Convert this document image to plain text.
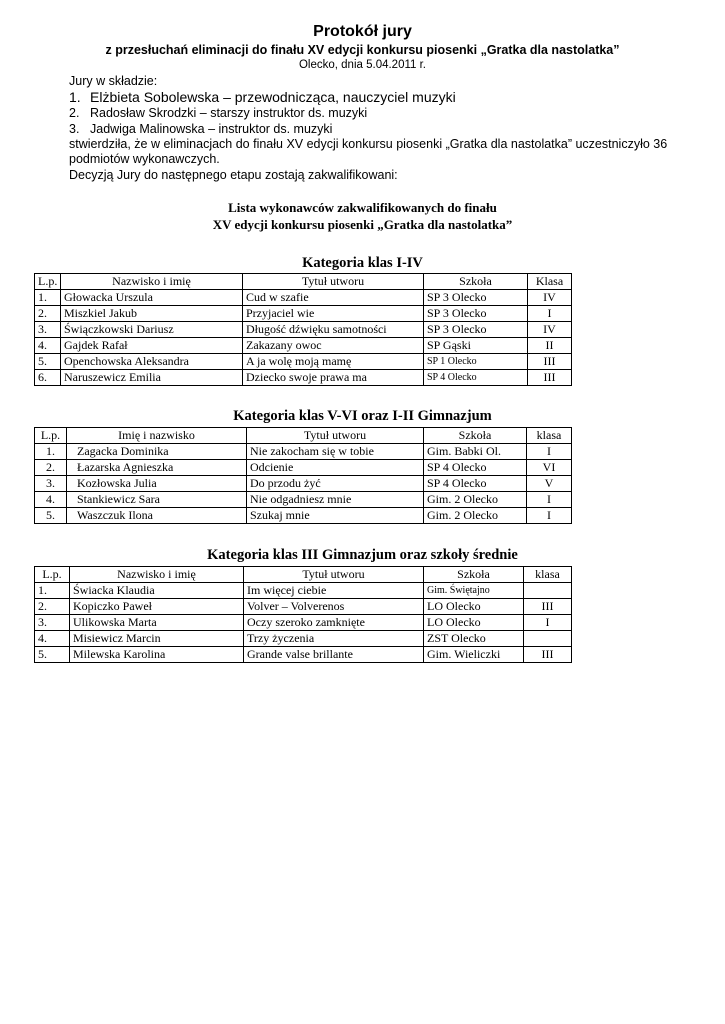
Protokół jury
z przesłuchań eliminacji do finału XV edycji konkursu piosenki „Gratka dla nastolatka”
Olecko, dnia 5.04.2011 r.
Jury w składzie:
1. Elżbieta Sobolewska – przewodnicząca, nauczyciel muzyki
2. Radosław Skrodzki – starszy instruktor ds. muzyki
3. Jadwiga Malinowska – instruktor ds. muzyki
stwierdziła, że w eliminacjach do finału XV edycji konkursu piosenki „Gratka dla nastolatka” uczestniczyło 36 podmiotów wykonawczych.
Decyzją Jury do następnego etapu zostają zakwalifikowani:
Lista wykonawców zakwalifikowanych do finału
XV edycji konkursu piosenki „Gratka dla nastolatka”
Kategoria klas I-IV
L.p.	Nazwisko i imię	Tytuł utworu	Szkoła	Klasa
1.	Głowacka Urszula	Cud w szafie	SP 3 Olecko	IV
2.	Miszkiel Jakub	Przyjaciel wie	SP 3 Olecko	I
3.	Świączkowski Dariusz	Długość dźwięku samotności	SP 3 Olecko	IV
4.	Gajdek Rafał	Zakazany owoc	SP Gąski	II
5.	Openchowska Aleksandra	A ja wolę moją mamę	SP 1 Olecko	III
6.	Naruszewicz Emilia	Dziecko swoje prawa ma	SP 4 Olecko	III
Kategoria klas V-VI oraz I-II Gimnazjum
L.p.	Imię i nazwisko	Tytuł utworu	Szkoła	klasa
1.	Zagacka Dominika	Nie zakocham się w tobie	Gim. Babki Ol.	I
2.	Łazarska Agnieszka	Odcienie	SP 4 Olecko	VI
3.	Kozłowska Julia	Do przodu żyć	SP 4 Olecko	V
4.	Stankiewicz Sara	Nie odgadniesz mnie	Gim. 2 Olecko	I
5.	Waszczuk Ilona	Szukaj mnie	Gim. 2 Olecko	I
Kategoria klas III Gimnazjum oraz szkoły średnie
L.p.	Nazwisko i imię	Tytuł utworu	Szkoła	klasa
1.	Świacka Klaudia	Im więcej ciebie	Gim. Świętajno	
2.	Kopiczko Paweł	Volver – Volverenos	LO Olecko	III
3.	Ulikowska Marta	Oczy szeroko zamknięte	LO Olecko	I
4.	Misiewicz Marcin	Trzy życzenia	ZST Olecko	
5.	Milewska Karolina	Grande valse brillante	Gim. Wieliczki	III
